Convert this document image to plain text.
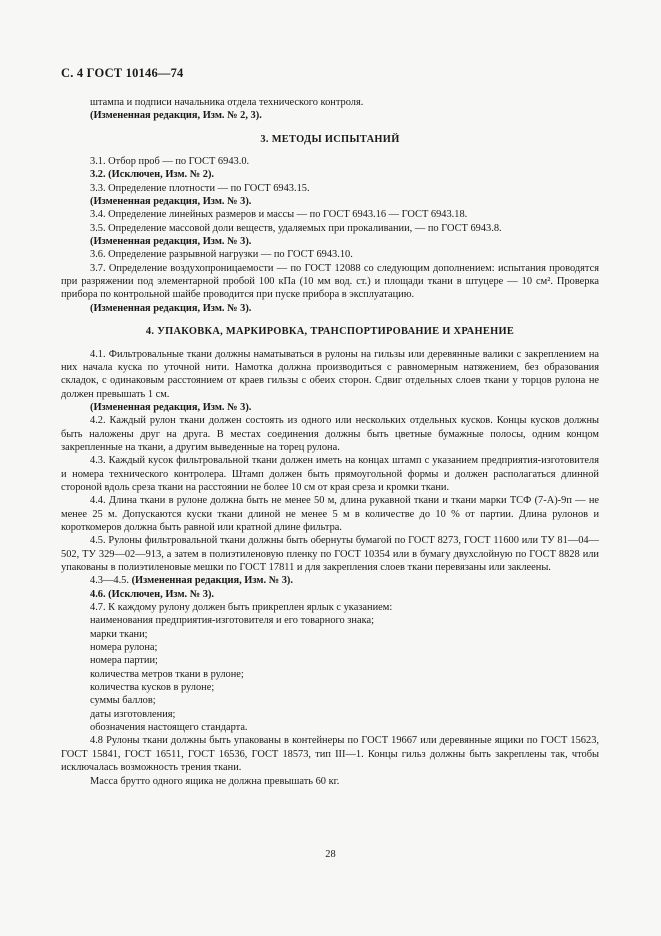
С. 4 ГОСТ 10146—74

штампа и подписи начальника отдела технического контроля.

(Измененная редакция, Изм. № 2, 3).

3. МЕТОДЫ ИСПЫТАНИЙ

3.1. Отбор проб — по ГОСТ 6943.0.

3.2. (Исключен, Изм. № 2).

3.3. Определение плотности — по ГОСТ 6943.15.

(Измененная редакция, Изм. № 3).

3.4. Определение линейных размеров и массы — по ГОСТ 6943.16 — ГОСТ 6943.18.

3.5. Определение массовой доли веществ, удаляемых при прокаливании, — по ГОСТ 6943.8.

(Измененная редакция, Изм. № 3).

3.6. Определение разрывной нагрузки — по ГОСТ 6943.10.

3.7. Определение воздухопроницаемости — по ГОСТ 12088 со следующим дополнением: испытания проводятся при разряжении под элементарной пробой 100 кПа (10 мм вод. ст.) и площади ткани в штуцере — 10 см². Проверка прибора по контрольной шайбе проводится при пуске прибора в эксплуатацию.

(Измененная редакция, Изм. № 3).

4. УПАКОВКА, МАРКИРОВКА, ТРАНСПОРТИРОВАНИЕ И ХРАНЕНИЕ

4.1. Фильтровальные ткани должны наматываться в рулоны на гильзы или деревянные валики с закреплением на них начала куска по уточной нити. Намотка должна производиться с равномерным натяжением, без образования складок, с одинаковым расстоянием от краев гильзы с обеих сторон. Сдвиг отдельных слоев ткани у торцов рулона не должен превышать 1 см.

(Измененная редакция, Изм. № 3).

4.2. Каждый рулон ткани должен состоять из одного или нескольких отдельных кусков. Концы кусков должны быть наложены друг на друга. В местах соединения должны быть цветные бумажные полосы, одним концом закрепленные на ткани, а другим выведенные на торец рулона.

4.3. Каждый кусок фильтровальной ткани должен иметь на концах штамп с указанием предприятия-изготовителя и номера технического контролера. Штамп должен быть прямоугольной формы и должен располагаться длинной стороной вдоль среза ткани на расстоянии не более 10 см от края среза и кромки ткани.

4.4. Длина ткани в рулоне должна быть не менее 50 м, длина рукавной ткани и ткани марки ТСФ (7-А)-9п — не менее 25 м. Допускаются куски ткани длиной не менее 5 м в количестве до 10 % от партии. Длина рулонов и короткомеров должна быть равной или кратной длине фильтра.

4.5. Рулоны фильтровальной ткани должны быть обернуты бумагой по ГОСТ 8273, ГОСТ 11600 или ТУ 81—04—502, ТУ 329—02—913, а затем в полиэтиленовую пленку по ГОСТ 10354 или в бумагу двухслойную по ГОСТ 8828 или упакованы в полиэтиленовые мешки по ГОСТ 17811 и для закрепления слоев ткани перевязаны или заклеены.

4.3—4.5. (Измененная редакция, Изм. № 3).

4.6. (Исключен, Изм. № 3).

4.7. К каждому рулону должен быть прикреплен ярлык с указанием:

наименования предприятия-изготовителя и его товарного знака;
марки ткани;
номера рулона;
номера партии;
количества метров ткани в рулоне;
количества кусков в рулоне;
суммы баллов;
даты изготовления;
обозначения настоящего стандарта.

4.8 Рулоны ткани должны быть упакованы в контейнеры по ГОСТ 19667 или деревянные ящики по ГОСТ 15623, ГОСТ 15841, ГОСТ 16511, ГОСТ 16536, ГОСТ 18573, тип III—1. Концы гильз должны быть закреплены так, чтобы исключалась возможность трения ткани.

Масса брутто одного ящика не должна превышать 60 кг.

28
